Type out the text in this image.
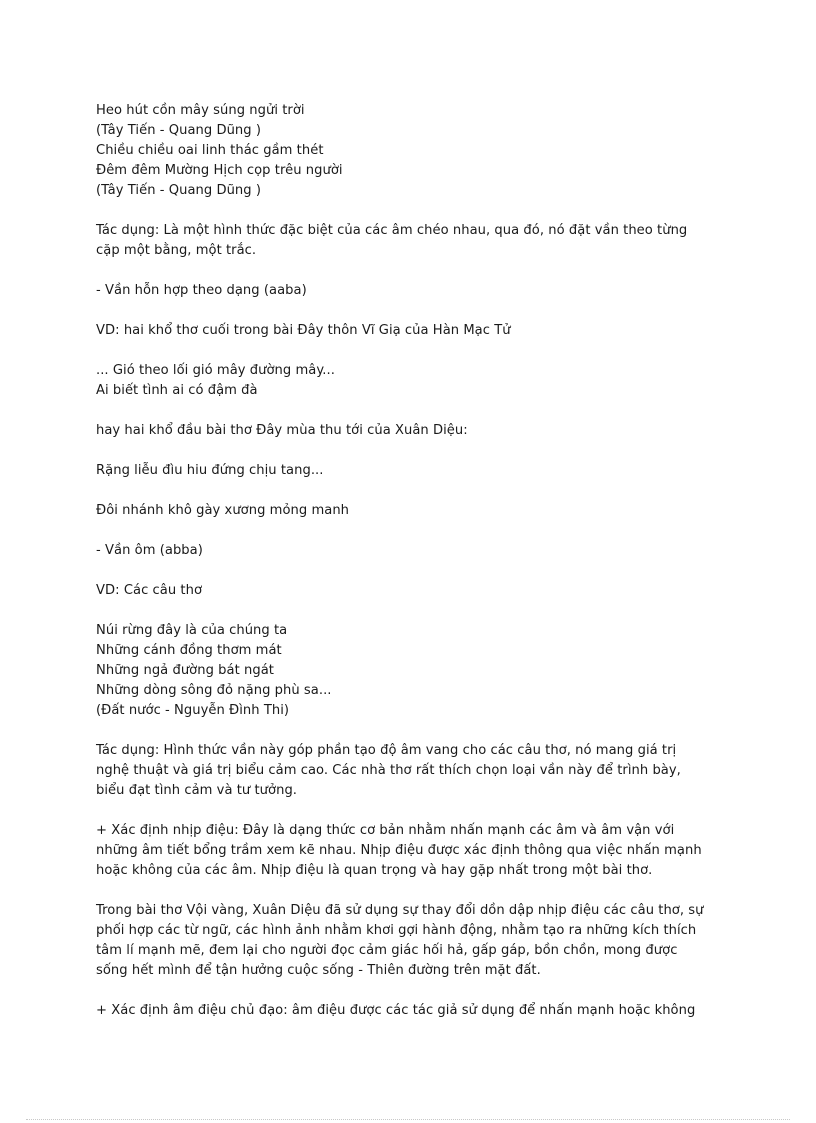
Heo hút cồn mây súng ngửi trời
(Tây Tiến - Quang Dũng )
Chiều chiều oai linh thác gầm thét
Đêm đêm Mường Hịch cọp trêu người
(Tây Tiến - Quang Dũng )
Tác dụng: Là một hình thức đặc biệt của các âm chéo nhau, qua đó, nó đặt vần theo từng
cặp một bằng, một trắc.
- Vần hỗn hợp theo dạng (aaba)
VD: hai khổ thơ cuối trong bài Đây thôn Vĩ Giạ của Hàn Mạc Tử
... Gió theo lối gió mây đường mây...
Ai biết tình ai có đậm đà
hay hai khổ đầu bài thơ Đây mùa thu tới của Xuân Diệu:
Rặng liễu đìu hiu đứng chịu tang...
Đôi nhánh khô gày xương mỏng manh
- Vần ôm (abba)
VD: Các câu thơ
Núi rừng đây là của chúng ta
Những cánh đồng thơm mát
Những ngả đường bát ngát
Những dòng sông đỏ nặng phù sa...
(Đất nước - Nguyễn Đình Thi)
Tác dụng: Hình thức vần này góp phần tạo độ âm vang cho các câu thơ, nó mang giá trị
nghệ thuật và giá trị biểu cảm cao. Các nhà thơ rất thích chọn loại vần này để trình bày,
biểu đạt tình cảm và tư tưởng.
+ Xác định nhịp điệu: Đây là dạng thức cơ bản nhằm nhấn mạnh các âm và âm vận với
những âm tiết bổng trầm xem kẽ nhau. Nhịp điệu được xác định thông qua việc nhấn mạnh
hoặc không của các âm. Nhịp điệu là quan trọng và hay gặp nhất trong một bài thơ.
Trong bài thơ Vội vàng, Xuân Diệu đã sử dụng sự thay đổi dồn dập nhịp điệu các câu thơ, sự
phối hợp các từ ngữ, các hình ảnh nhằm khơi gợi hành động, nhằm tạo ra những kích thích
tâm lí mạnh mẽ, đem lại cho người đọc cảm giác hối hả, gấp gáp, bồn chồn, mong được
sống hết mình để tận hưởng cuộc sống - Thiên đường trên mặt đất.
+ Xác định âm điệu chủ đạo: âm điệu được các tác giả sử dụng để nhấn mạnh hoặc không
